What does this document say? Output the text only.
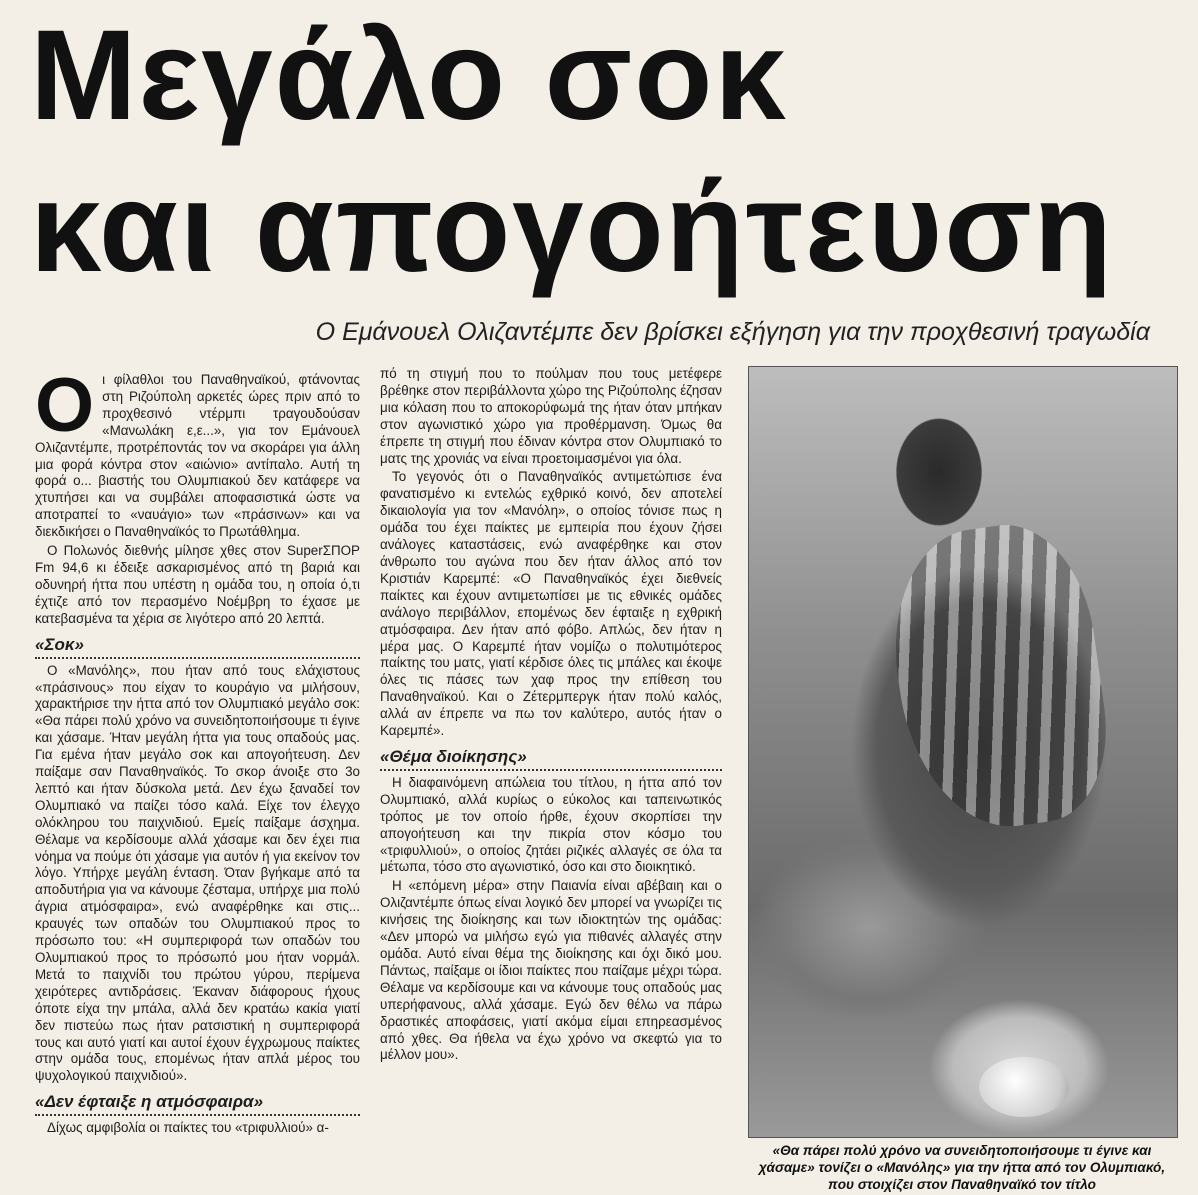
Μεγάλο σοκ
και απογοήτευση

Ο Εμάνουελ Ολιζαντέμπε δεν βρίσκει εξήγηση για την προχθεσινή τραγωδία

Οι φίλαθλοι του Παναθηναϊκού, φτάνοντας στη Ριζούπολη αρκετές ώρες πριν από το προχθεσινό ντέρμπι τραγουδούσαν «Μανωλάκη ε,ε...», για τον Εμάνουελ Ολιζαντέμπε, προτρέποντάς τον να σκοράρει για άλλη μια φορά κόντρα στον «αιώνιο» αντίπαλο. Αυτή τη φορά ο... βιαστής του Ολυμπιακού δεν κατάφερε να χτυπήσει και να συμβάλει αποφασιστικά ώστε να αποτραπεί το «ναυάγιο» των «πράσινων» και να διεκδικήσει ο Παναθηναϊκός το Πρωτάθλημα.

Ο Πολωνός διεθνής μίλησε χθες στον SuperΣΠΟΡ Fm 94,6 κι έδειξε ασκαρισμένος από τη βαριά και οδυνηρή ήττα που υπέστη η ομάδα του, η οποία ό,τι έχτιζε από τον περασμένο Νοέμβρη το έχασε με κατεβασμένα τα χέρια σε λιγότερο από 20 λεπτά.

«Σοκ»

Ο «Μανόλης», που ήταν από τους ελάχιστους «πράσινους» που είχαν το κουράγιο να μιλήσουν, χαρακτήρισε την ήττα από τον Ολυμπιακό μεγάλο σοκ: «Θα πάρει πολύ χρόνο να συνειδητοποιήσουμε τι έγινε και χάσαμε. Ήταν μεγάλη ήττα για τους οπαδούς μας. Για εμένα ήταν μεγάλο σοκ και απογοήτευση. Δεν παίξαμε σαν Παναθηναϊκός. Το σκορ άνοιξε στο 3ο λεπτό και ήταν δύσκολα μετά. Δεν έχω ξαναδεί τον Ολυμπιακό να παίζει τόσο καλά. Είχε τον έλεγχο ολόκληρου του παιχνιδιού. Εμείς παίξαμε άσχημα. Θέλαμε να κερδίσουμε αλλά χάσαμε και δεν έχει πια νόημα να πούμε ότι χάσαμε για αυτόν ή για εκείνον τον λόγο. Υπήρχε μεγάλη ένταση. Όταν βγήκαμε από τα αποδυτήρια για να κάνουμε ζέσταμα, υπήρχε μια πολύ άγρια ατμόσφαιρα», ενώ αναφέρθηκε και στις... κραυγές των οπαδών του Ολυμπιακού προς το πρόσωπο του: «Η συμπεριφορά των οπαδών του Ολυμπιακού προς το πρόσωπό μου ήταν νορμάλ. Μετά το παιχνίδι του πρώτου γύρου, περίμενα χειρότερες αντιδράσεις. Έκαναν διάφορους ήχους όποτε είχα την μπάλα, αλλά δεν κρατάω κακία γιατί δεν πιστεύω πως ήταν ρατσιστική η συμπεριφορά τους και αυτό γιατί και αυτοί έχουν έγχρωμους παίκτες στην ομάδα τους, επομένως ήταν απλά μέρος του ψυχολογικού παιχνιδιού».

«Δεν έφταιξε η ατμόσφαιρα»

Δίχως αμφιβολία οι παίκτες του «τριφυλλιού» α-

πό τη στιγμή που το πούλμαν που τους μετέφερε βρέθηκε στον περιβάλλοντα χώρο της Ριζούπολης έζησαν μια κόλαση που το αποκορύφωμά της ήταν όταν μπήκαν στον αγωνιστικό χώρο για προθέρμανση. Όμως θα έπρεπε τη στιγμή που έδιναν κόντρα στον Ολυμπιακό το ματς της χρονιάς να είναι προετοιμασμένοι για όλα.

Το γεγονός ότι ο Παναθηναϊκός αντιμετώπισε ένα φανατισμένο κι εντελώς εχθρικό κοινό, δεν αποτελεί δικαιολογία για τον «Μανόλη», ο οποίος τόνισε πως η ομάδα του έχει παίκτες με εμπειρία που έχουν ζήσει ανάλογες καταστάσεις, ενώ αναφέρθηκε και στον άνθρωπο του αγώνα που δεν ήταν άλλος από τον Κριστιάν Καρεμπέ: «Ο Παναθηναϊκός έχει διεθνείς παίκτες και έχουν αντιμετωπίσει με τις εθνικές ομάδες ανάλογο περιβάλλον, επομένως δεν έφταιξε η εχθρική ατμόσφαιρα. Δεν ήταν από φόβο. Απλώς, δεν ήταν η μέρα μας. Ο Καρεμπέ ήταν νομίζω ο πολυτιμότερος παίκτης του ματς, γιατί κέρδισε όλες τις μπάλες και έκοψε όλες τις πάσες των χαφ προς την επίθεση του Παναθηναϊκού. Και ο Ζέτερμπεργκ ήταν πολύ καλός, αλλά αν έπρεπε να πω τον καλύτερο, αυτός ήταν ο Καρεμπέ».

«Θέμα διοίκησης»

Η διαφαινόμενη απώλεια του τίτλου, η ήττα από τον Ολυμπιακό, αλλά κυρίως ο εύκολος και ταπεινωτικός τρόπος με τον οποίο ήρθε, έχουν σκορπίσει την απογοήτευση και την πικρία στον κόσμο του «τριφυλλιού», ο οποίος ζητάει ριζικές αλλαγές σε όλα τα μέτωπα, τόσο στο αγωνιστικό, όσο και στο διοικητικό.

Η «επόμενη μέρα» στην Παιανία είναι αβέβαιη και ο Ολιζαντέμπε όπως είναι λογικό δεν μπορεί να γνωρίζει τις κινήσεις της διοίκησης και των ιδιοκτητών της ομάδας: «Δεν μπορώ να μιλήσω εγώ για πιθανές αλλαγές στην ομάδα. Αυτό είναι θέμα της διοίκησης και όχι δικό μου. Πάντως, παίξαμε οι ίδιοι παίκτες που παίζαμε μέχρι τώρα. Θέλαμε να κερδίσουμε και να κάνουμε τους οπαδούς μας υπερήφανους, αλλά χάσαμε. Εγώ δεν θέλω να πάρω δραστικές αποφάσεις, γιατί ακόμα είμαι επηρεασμένος από χθες. Θα ήθελα να έχω χρόνο να σκεφτώ για το μέλλον μου».

«Θα πάρει πολύ χρόνο να συνειδητοποιήσουμε τι έγινε και χάσαμε» τονίζει ο «Μανόλης» για την ήττα από τον Ολυμπιακό, που στοιχίζει στον Παναθηναϊκό τον τίτλο
